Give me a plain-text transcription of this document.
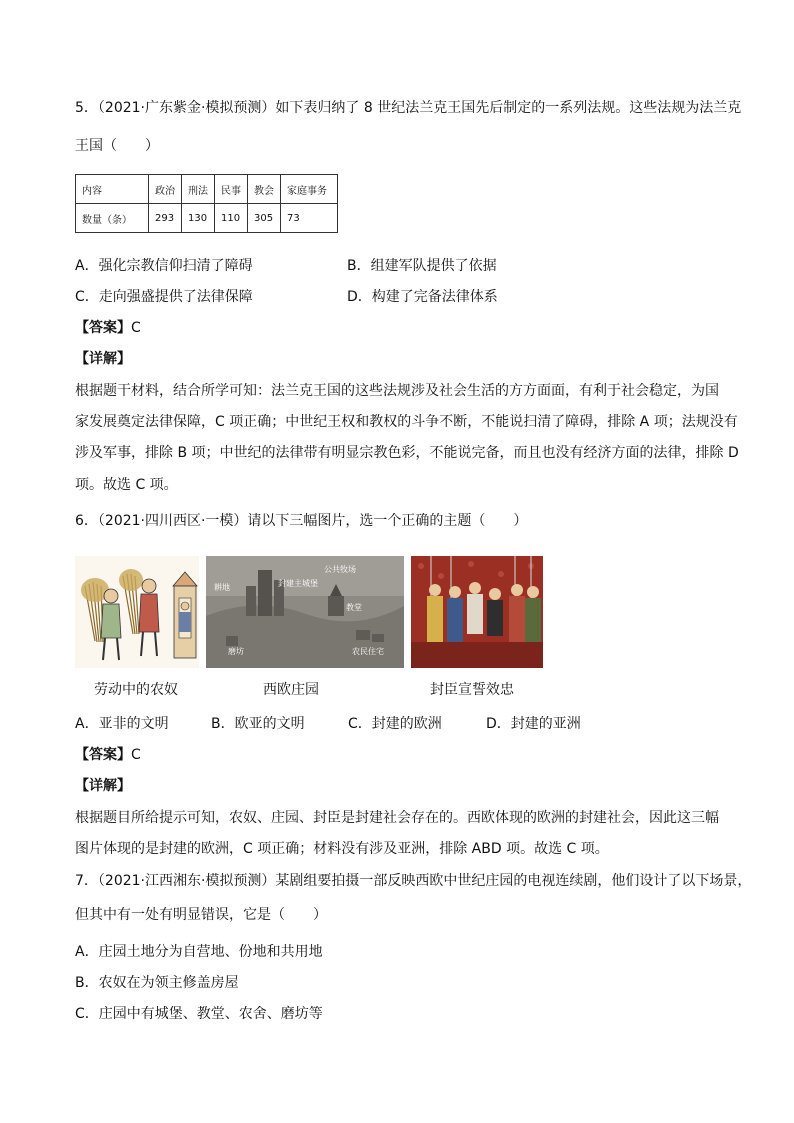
5．（2021·广东紫金·模拟预测）如下表归纳了 8 世纪法兰克王国先后制定的一系列法规。这些法规为法兰克
王国（　　）
内容	政治	刑法	民事	教会	家庭事务
数量（条）	293	130	110	305	73
A．强化宗教信仰扫清了障碍	B．组建军队提供了依据
C．走向强盛提供了法律保障	D．构建了完备法律体系
【答案】C
【详解】
根据题干材料，结合所学可知：法兰克王国的这些法规涉及社会生活的方方面面，有利于社会稳定，为国
家发展奠定法律保障，C 项正确；中世纪王权和教权的斗争不断，不能说扫清了障碍，排除 A 项；法规没有
涉及军事，排除 B 项；中世纪的法律带有明显宗教色彩，不能说完备，而且也没有经济方面的法律，排除 D
项。故选 C 项。
6．（2021·四川西区·一模）请以下三幅图片，选一个正确的主题（　　）
公共牧场
封建主城堡
耕地
教堂
磨坊	农民住宅
劳动中的农奴	西欧庄园	封臣宣誓效忠
A．亚非的文明	B．欧亚的文明	C．封建的欧洲	D．封建的亚洲
【答案】C
【详解】
根据题目所给提示可知，农奴、庄园、封臣是封建社会存在的。西欧体现的欧洲的封建社会，因此这三幅
图片体现的是封建的欧洲，C 项正确；材料没有涉及亚洲，排除 ABD 项。故选 C 项。
7．（2021·江西湘东·模拟预测）某剧组要拍摄一部反映西欧中世纪庄园的电视连续剧，他们设计了以下场景，
但其中有一处有明显错误，它是（　　）
A．庄园土地分为自营地、份地和共用地
B．农奴在为领主修盖房屋
C．庄园中有城堡、教堂、农舍、磨坊等
